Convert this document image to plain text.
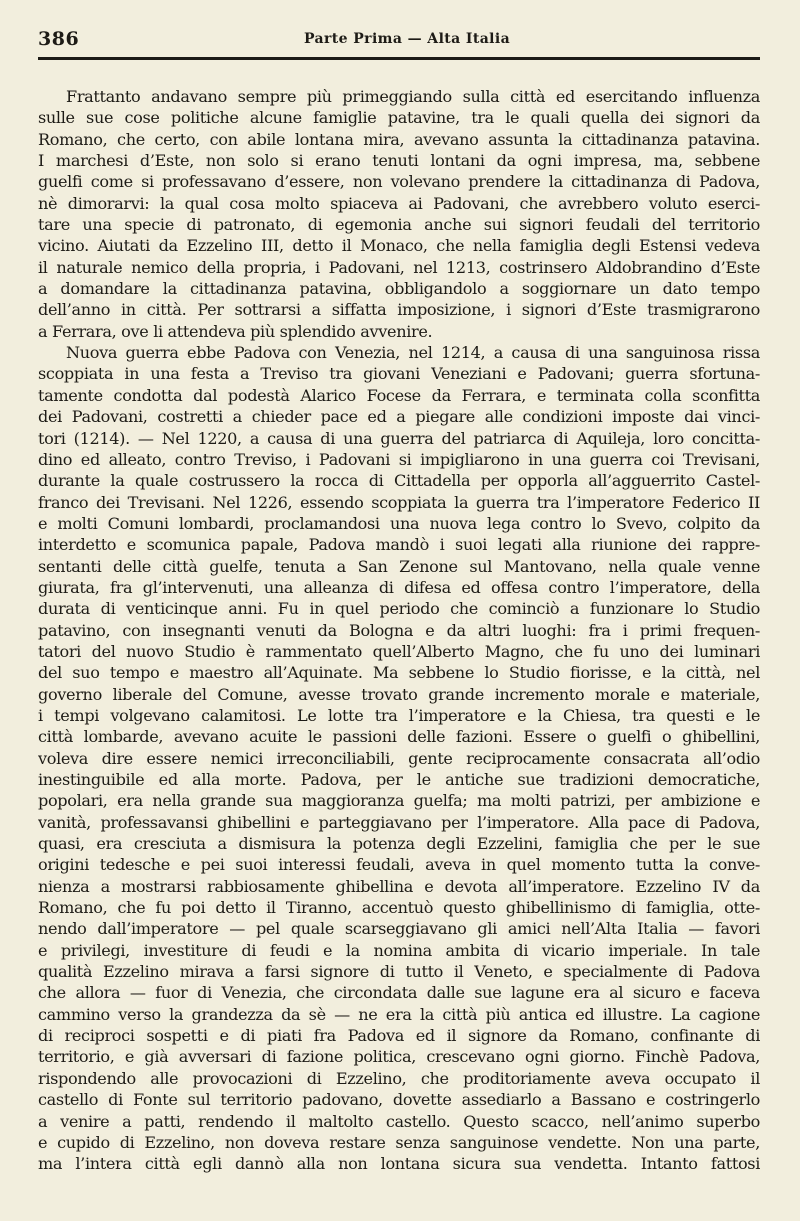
386	Parte Prima — Alta Italia
Frattanto andavano sempre più primeggiando sulla città ed esercitando influenza
sulle sue cose politiche alcune famiglie patavine, tra le quali quella dei signori da
Romano, che certo, con abile lontana mira, avevano assunta la cittadinanza patavina.
I marchesi d’Este, non solo si erano tenuti lontani da ogni impresa, ma, sebbene
guelfi come si professavano d’essere, non volevano prendere la cittadinanza di Padova,
nè dimorarvi: la qual cosa molto spiaceva ai Padovani, che avrebbero voluto eserci-
tare una specie di patronato, di egemonia anche sui signori feudali del territorio
vicino. Aiutati da Ezzelino III, detto il Monaco, che nella famiglia degli Estensi vedeva
il naturale nemico della propria, i Padovani, nel 1213, costrinsero Aldobrandino d’Este
a domandare la cittadinanza patavina, obbligandolo a soggiornare un dato tempo
dell’anno in città. Per sottrarsi a siffatta imposizione, i signori d’Este trasmigrarono
a Ferrara, ove li attendeva più splendido avvenire.
Nuova guerra ebbe Padova con Venezia, nel 1214, a causa di una sanguinosa rissa
scoppiata in una festa a Treviso tra giovani Veneziani e Padovani; guerra sfortuna-
tamente condotta dal podestà Alarico Focese da Ferrara, e terminata colla sconfitta
dei Padovani, costretti a chieder pace ed a piegare alle condizioni imposte dai vinci-
tori (1214). — Nel 1220, a causa di una guerra del patriarca di Aquileja, loro concitta-
dino ed alleato, contro Treviso, i Padovani si impigliarono in una guerra coi Trevisani,
durante la quale costrussero la rocca di Cittadella per opporla all’agguerrito Castel-
franco dei Trevisani. Nel 1226, essendo scoppiata la guerra tra l’imperatore Federico II
e molti Comuni lombardi, proclamandosi una nuova lega contro lo Svevo, colpito da
interdetto e scomunica papale, Padova mandò i suoi legati alla riunione dei rappre-
sentanti delle città guelfe, tenuta a San Zenone sul Mantovano, nella quale venne
giurata, fra gl’intervenuti, una alleanza di difesa ed offesa contro l’imperatore, della
durata di venticinque anni. Fu in quel periodo che cominciò a funzionare lo Studio
patavino, con insegnanti venuti da Bologna e da altri luoghi: fra i primi frequen-
tatori del nuovo Studio è rammentato quell’Alberto Magno, che fu uno dei luminari
del suo tempo e maestro all’Aquinate. Ma sebbene lo Studio fiorisse, e la città, nel
governo liberale del Comune, avesse trovato grande incremento morale e materiale,
i tempi volgevano calamitosi. Le lotte tra l’imperatore e la Chiesa, tra questi e le
città lombarde, avevano acuite le passioni delle fazioni. Essere o guelfi o ghibellini,
voleva dire essere nemici irreconciliabili, gente reciprocamente consacrata all’odio
inestinguibile ed alla morte. Padova, per le antiche sue tradizioni democratiche,
popolari, era nella grande sua maggioranza guelfa; ma molti patrizi, per ambizione e
vanità, professavansi ghibellini e parteggiavano per l’imperatore. Alla pace di Padova,
quasi, era cresciuta a dismisura la potenza degli Ezzelini, famiglia che per le sue
origini tedesche e pei suoi interessi feudali, aveva in quel momento tutta la conve-
nienza a mostrarsi rabbiosamente ghibellina e devota all’imperatore. Ezzelino IV da
Romano, che fu poi detto il Tiranno, accentuò questo ghibellinismo di famiglia, otte-
nendo dall’imperatore — pel quale scarseggiavano gli amici nell’Alta Italia — favori
e privilegi, investiture di feudi e la nomina ambita di vicario imperiale. In tale
qualità Ezzelino mirava a farsi signore di tutto il Veneto, e specialmente di Padova
che allora — fuor di Venezia, che circondata dalle sue lagune era al sicuro e faceva
cammino verso la grandezza da sè — ne era la città più antica ed illustre. La cagione
di reciproci sospetti e di piati fra Padova ed il signore da Romano, confinante di
territorio, e già avversari di fazione politica, crescevano ogni giorno. Finchè Padova,
rispondendo alle provocazioni di Ezzelino, che proditoriamente aveva occupato il
castello di Fonte sul territorio padovano, dovette assediarlo a Bassano e costringerlo
a venire a patti, rendendo il maltolto castello. Questo scacco, nell’animo superbo
e cupido di Ezzelino, non doveva restare senza sanguinose vendette. Non una parte,
ma l’intera città egli dannò alla non lontana sicura sua vendetta. Intanto fattosi
